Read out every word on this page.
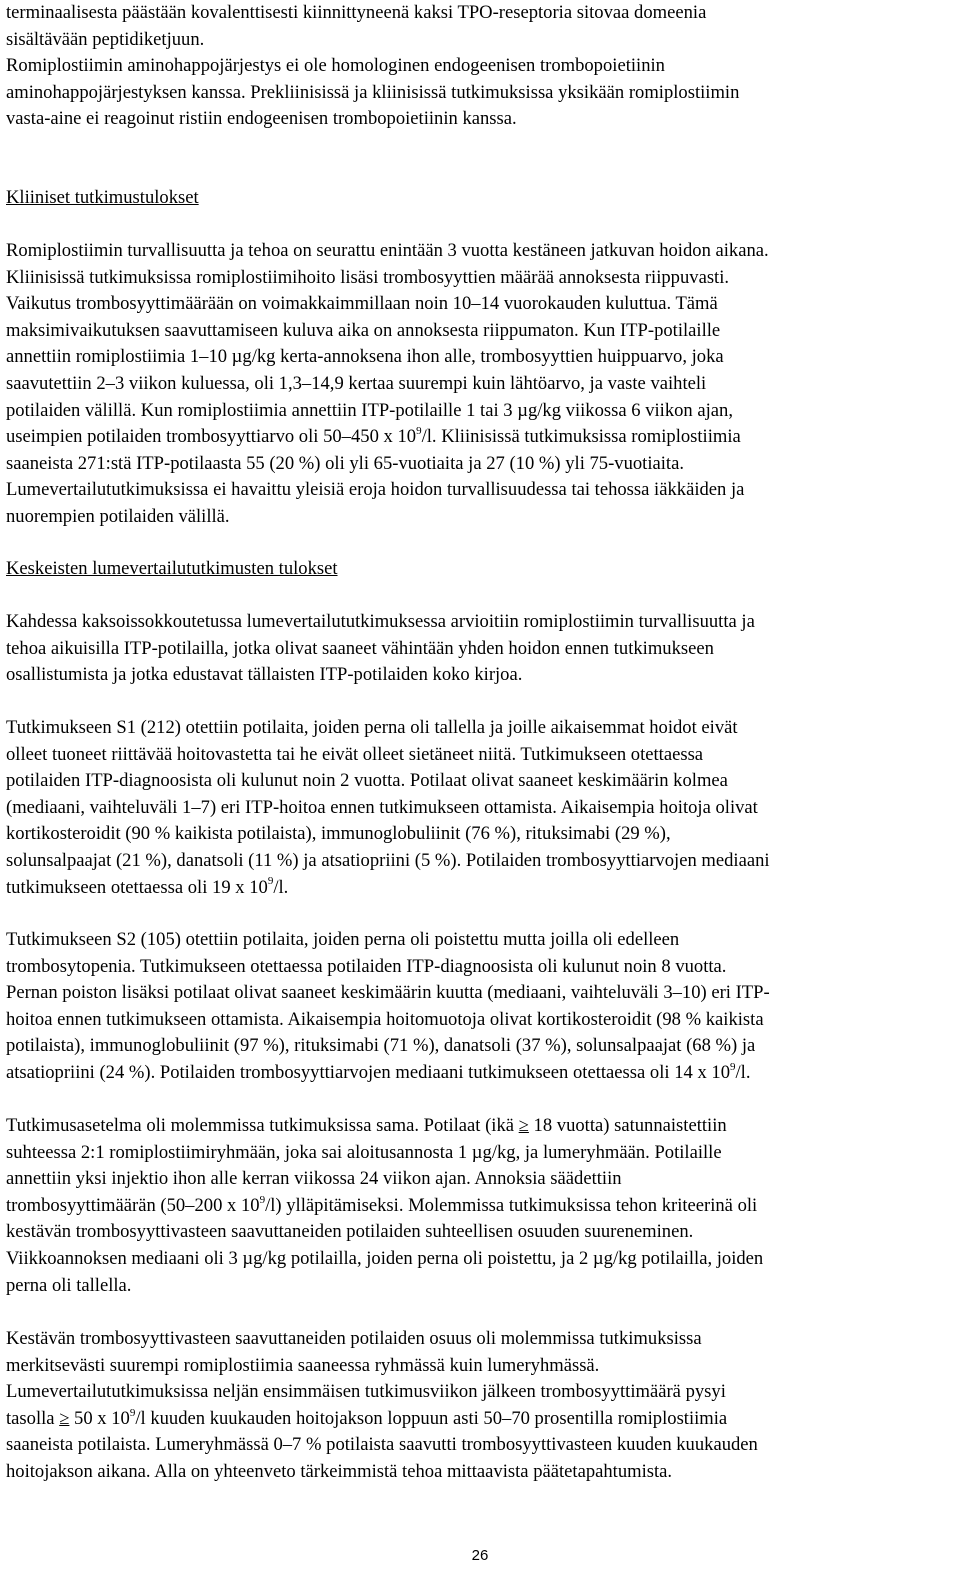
terminaalisesta päästään kovalenttisesti kiinnittyneenä kaksi TPO-reseptoria sitovaa domeenia
sisältävään peptidiketjuun.

Romiplostiimin aminohappojärjestys ei ole homologinen endogeenisen trombopoietiinin
aminohappojärjestyksen kanssa. Prekliinisissä ja kliinisissä tutkimuksissa yksikään romiplostiimin
vasta-aine ei reagoinut ristiin endogeenisen trombopoietiinin kanssa.

Kliiniset tutkimustulokset

Romiplostiimin turvallisuutta ja tehoa on seurattu enintään 3 vuotta kestäneen jatkuvan hoidon aikana.
Kliinisissä tutkimuksissa romiplostiimihoito lisäsi trombosyyttien määrää annoksesta riippuvasti.
Vaikutus trombosyyttimäärään on voimakkaimmillaan noin 10–14 vuorokauden kuluttua. Tämä
maksimivaikutuksen saavuttamiseen kuluva aika on annoksesta riippumaton. Kun ITP-potilaille
annettiin romiplostiimia 1–10 µg/kg kerta-annoksena ihon alle, trombosyyttien huippuarvo, joka
saavutettiin 2–3 viikon kuluessa, oli 1,3–14,9 kertaa suurempi kuin lähtöarvo, ja vaste vaihteli
potilaiden välillä. Kun romiplostiimia annettiin ITP-potilaille 1 tai 3 µg/kg viikossa 6 viikon ajan,
useimpien potilaiden trombosyyttiarvo oli 50–450 x $10^9/l$. Kliinisissä tutkimuksissa romiplostiimia
saaneista 271:stä ITP-potilaasta 55 (20 %) oli yli 65-vuotiaita ja 27 (10 %) yli 75-vuotiaita.
Lumevertailututkimuksissa ei havaittu yleisiä eroja hoidon turvallisuudessa tai tehossa iäkkäiden ja
nuorempien potilaiden välillä.

Keskeisten lumevertailututkimusten tulokset

Kahdessa kaksoissokkoutetussa lumevertailututkimuksessa arvioitiin romiplostiimin turvallisuutta ja
tehoa aikuisilla ITP-potilailla, jotka olivat saaneet vähintään yhden hoidon ennen tutkimukseen
osallistumista ja jotka edustavat tällaisten ITP-potilaiden koko kirjoa.

Tutkimukseen S1 (212) otettiin potilaita, joiden perna oli tallella ja joille aikaisemmat hoidot eivät
olleet tuoneet riittävää hoitovastetta tai he eivät olleet sietäneet niitä. Tutkimukseen otettaessa
potilaiden ITP-diagnoosista oli kulunut noin 2 vuotta. Potilaat olivat saaneet keskimäärin kolmea
(mediaani, vaihteluväli 1–7) eri ITP-hoitoa ennen tutkimukseen ottamista. Aikaisempia hoitoja olivat
kortikosteroidit (90 % kaikista potilaista), immunoglobuliinit (76 %), rituksimabi (29 %),
solunsalpaajat (21 %), danatsoli (11 %) ja atsatiopriini (5 %). Potilaiden trombosyyttiarvojen mediaani
tutkimukseen otettaessa oli 19 x $10^9/l$.

Tutkimukseen S2 (105) otettiin potilaita, joiden perna oli poistettu mutta joilla oli edelleen
trombosytopenia. Tutkimukseen otettaessa potilaiden ITP-diagnoosista oli kulunut noin 8 vuotta.
Pernan poiston lisäksi potilaat olivat saaneet keskimäärin kuutta (mediaani, vaihteluväli 3–10) eri ITP-
hoitoa ennen tutkimukseen ottamista. Aikaisempia hoitomuotoja olivat kortikosteroidit (98 % kaikista
potilaista), immunoglobuliinit (97 %), rituksimabi (71 %), danatsoli (37 %), solunsalpaajat (68 %) ja
atsatiopriini (24 %). Potilaiden trombosyyttiarvojen mediaani tutkimukseen otettaessa oli 14 x $10^9/l$.

Tutkimusasetelma oli molemmissa tutkimuksissa sama. Potilaat (ikä ≥ 18 vuotta) satunnaistettiin
suhteessa 2:1 romiplostiimiryhmään, joka sai aloitusannosta 1 µg/kg, ja lumeryhmään. Potilaille
annettiin yksi injektio ihon alle kerran viikossa 24 viikon ajan. Annoksia säädettiin
trombosyyttimäärän (50–200 x $10^9/l$) ylläpitämiseksi. Molemmissa tutkimuksissa tehon kriteerinä oli
kestävän trombosyyttivasteen saavuttaneiden potilaiden suhteellisen osuuden suureneminen.
Viikkoannoksen mediaani oli 3 µg/kg potilailla, joiden perna oli poistettu, ja 2 µg/kg potilailla, joiden
perna oli tallella.

Kestävän trombosyyttivasteen saavuttaneiden potilaiden osuus oli molemmissa tutkimuksissa
merkitsevästi suurempi romiplostiimia saaneessa ryhmässä kuin lumeryhmässä.
Lumevertailututkimuksissa neljän ensimmäisen tutkimusviikon jälkeen trombosyyttimäärä pysyi
tasolla ≥ 50 x $10^9/l$ kuuden kuukauden hoitojakson loppuun asti 50–70 prosentilla romiplostiimia
saaneista potilaista. Lumeryhmässä 0–7 % potilaista saavutti trombosyyttivasteen kuuden kuukauden
hoitojakson aikana. Alla on yhteenveto tärkeimmistä tehoa mittaavista päätetapahtumista.

26
